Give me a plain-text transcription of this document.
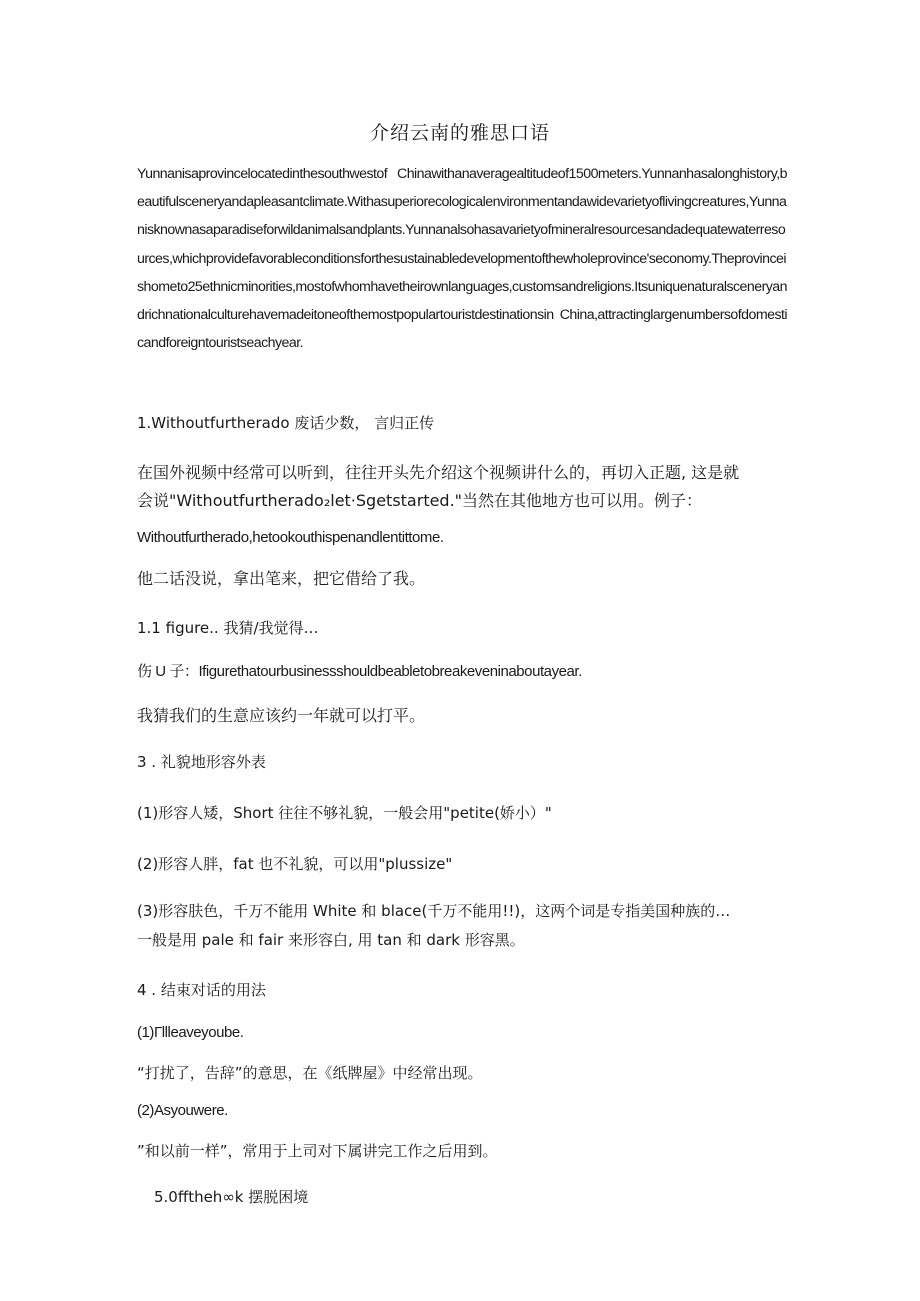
介绍云南的雅思口语

Yunnanisaprovincelocatedinthesouthwestof Chinawithanaveragealtitudeof1500meters.Yunnanhasalonghistory,beautifulsceneryandapleasantclimate.Withasuperiorecologicalenvironmentandawidevarietyoflivingcreatures,Yunnanisknownasaparadiseforwildanimalsandplants.Yunnanalsohasavarietyofmineralresourcesandadequatewaterresources,whichprovidefavorableconditionsforthesustainabledevelopmentofthewholeprovince'seconomy.Theprovinceishometo25ethnicminorities,mostofwhomhavetheirownlanguages,customsandreligions.Itsuniquenaturalsceneryandrichnationalculturehavemadeitoneofthemostpopulartouristdestinationsin China,attractinglargenumbersofdomesticandforeigntouristseachyear.

1.Withoutfurtherado 废话少数， 言归正传

在国外视频中经常可以听到，往往开头先介绍这个视频讲什么的，再切入正题, 这是就

会说"Withoutfurtherado₂let·Sgetstarted."当然在其他地方也可以用。例子：

Withoutfurtherado,hetookouthispenandlentittome.

他二话没说，拿出笔来，把它借给了我。

1.1 figure.. 我猜/我觉得…

伤 U 子：Ifigurethatourbusinessshouldbeabletobreakeveninaboutayear.

我猜我们的生意应该约一年就可以打平。

3 . 礼貌地形容外表

(1)形容人矮，Short 往往不够礼貌，一般会用"petite(娇小）"

(2)形容人胖，fat 也不礼貌，可以用"plussize"

(3)形容肤色，千万不能用 White 和 blace(千万不能用!!)，这两个词是专指美国种族的…

一般是用 pale 和 fair 来形容白, 用 tan 和 dark 形容黑。

4 . 结束对话的用法

(1)Γllleaveyoube.

“打扰了，告辞”的意思，在《纸牌屋》中经常出现。

(2)Asyouwere.

”和以前一样”，常用于上司对下属讲完工作之后用到。

5.0fftheh∞k 摆脱困境
